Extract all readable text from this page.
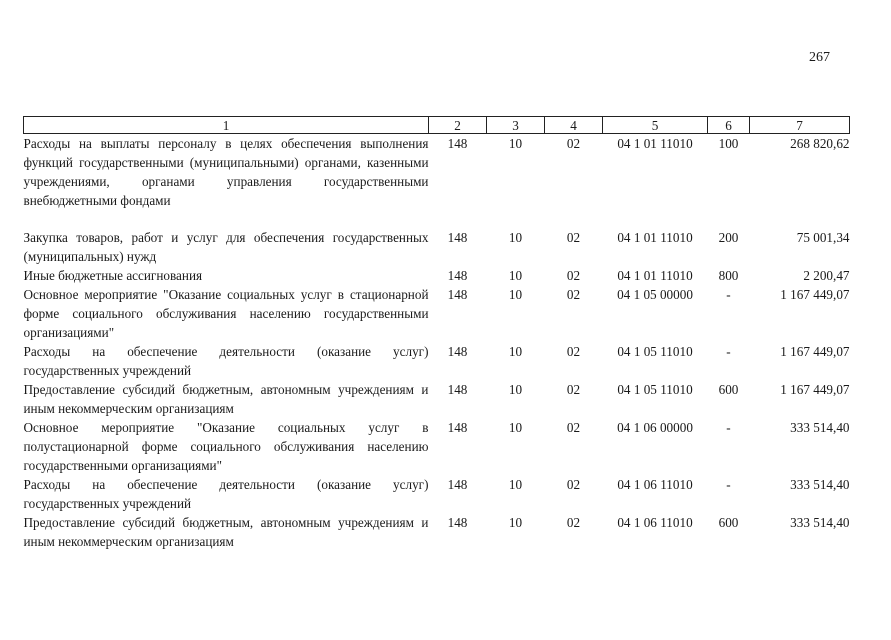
267
1	2	3	4	5	6	7
Расходы на выплаты персоналу в целях обеспечения выполнения функций государственными (муниципальными) органами, казенными учреждениями, органами управления государственными внебюджетными фондами	148	10	02	04 1 01 11010	100	268 820,62

Закупка товаров, работ и услуг для обеспечения государственных (муниципальных) нужд	148	10	02	04 1 01 11010	200	75 001,34
Иные бюджетные ассигнования	148	10	02	04 1 01 11010	800	2 200,47
Основное мероприятие "Оказание социальных услуг в стационарной форме социального обслуживания населению государственными организациями"	148	10	02	04 1 05 00000	-	1 167 449,07
Расходы на обеспечение деятельности (оказание услуг) государственных учреждений	148	10	02	04 1 05 11010	-	1 167 449,07
Предоставление субсидий бюджетным, автономным учреждениям и иным некоммерческим организациям	148	10	02	04 1 05 11010	600	1 167 449,07
Основное мероприятие "Оказание социальных услуг в полустационарной форме социального обслуживания населению государственными организациями"	148	10	02	04 1 06 00000	-	333 514,40
Расходы на обеспечение деятельности (оказание услуг) государственных учреждений	148	10	02	04 1 06 11010	-	333 514,40
Предоставление субсидий бюджетным, автономным учреждениям и иным некоммерческим организациям	148	10	02	04 1 06 11010	600	333 514,40
